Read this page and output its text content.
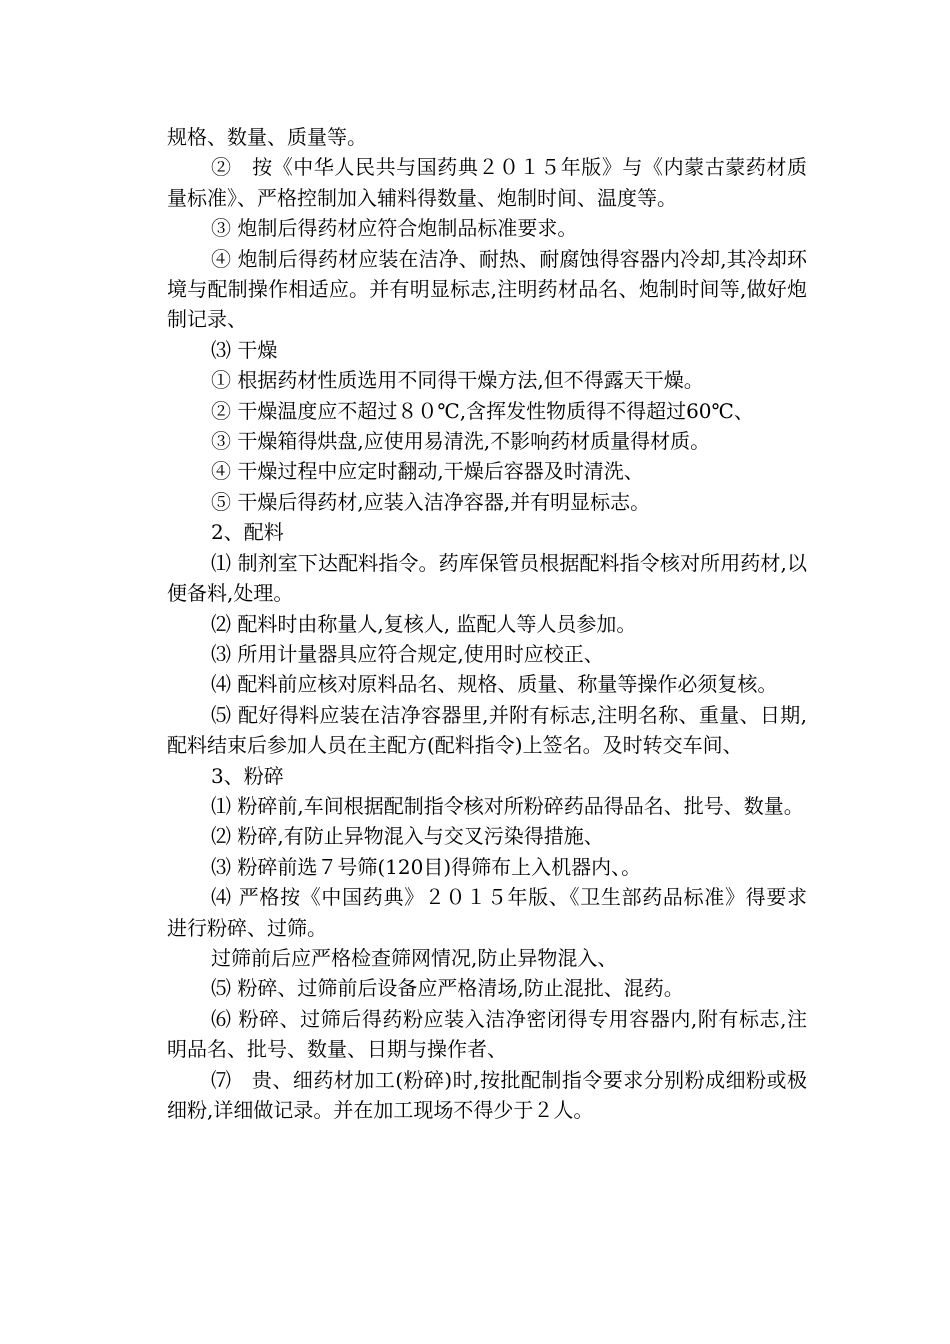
规格、数量、质量等。

②　按《中华人民共与国药典２０１５年版》与《内蒙古蒙药材质量标准》、严格控制加入辅料得数量、炮制时间、温度等。

③ 炮制后得药材应符合炮制品标准要求。

④ 炮制后得药材应装在洁净、耐热、耐腐蚀得容器内冷却,其冷却环境与配制操作相适应。并有明显标志,注明药材品名、炮制时间等,做好炮制记录、

⑶ 干燥

① 根据药材性质选用不同得干燥方法,但不得露天干燥。

② 干燥温度应不超过８０℃,含挥发性物质得不得超过60℃、

③ 干燥箱得烘盘,应使用易清洗,不影响药材质量得材质。

④ 干燥过程中应定时翻动,干燥后容器及时清洗、

⑤ 干燥后得药材,应装入洁净容器,并有明显标志。

2、配料

⑴ 制剂室下达配料指令。药库保管员根据配料指令核对所用药材,以便备料,处理。

⑵ 配料时由称量人,复核人, 监配人等人员参加。

⑶ 所用计量器具应符合规定,使用时应校正、

⑷ 配料前应核对原料品名、规格、质量、称量等操作必须复核。

⑸ 配好得料应装在洁净容器里,并附有标志,注明名称、重量、日期,配料结束后参加人员在主配方(配料指令)上签名。及时转交车间、

3、粉碎

⑴ 粉碎前,车间根据配制指令核对所粉碎药品得品名、批号、数量。

⑵ 粉碎,有防止异物混入与交叉污染得措施、

⑶ 粉碎前选７号筛(120目)得筛布上入机器内、。

⑷ 严格按《中国药典》２０１５年版、《卫生部药品标准》得要求进行粉碎、过筛。

过筛前后应严格检查筛网情况,防止异物混入、

⑸ 粉碎、过筛前后设备应严格清场,防止混批、混药。

⑹ 粉碎、过筛后得药粉应装入洁净密闭得专用容器内,附有标志,注明品名、批号、数量、日期与操作者、

⑺　贵、细药材加工(粉碎)时,按批配制指令要求分别粉成细粉或极细粉,详细做记录。并在加工现场不得少于２人。
